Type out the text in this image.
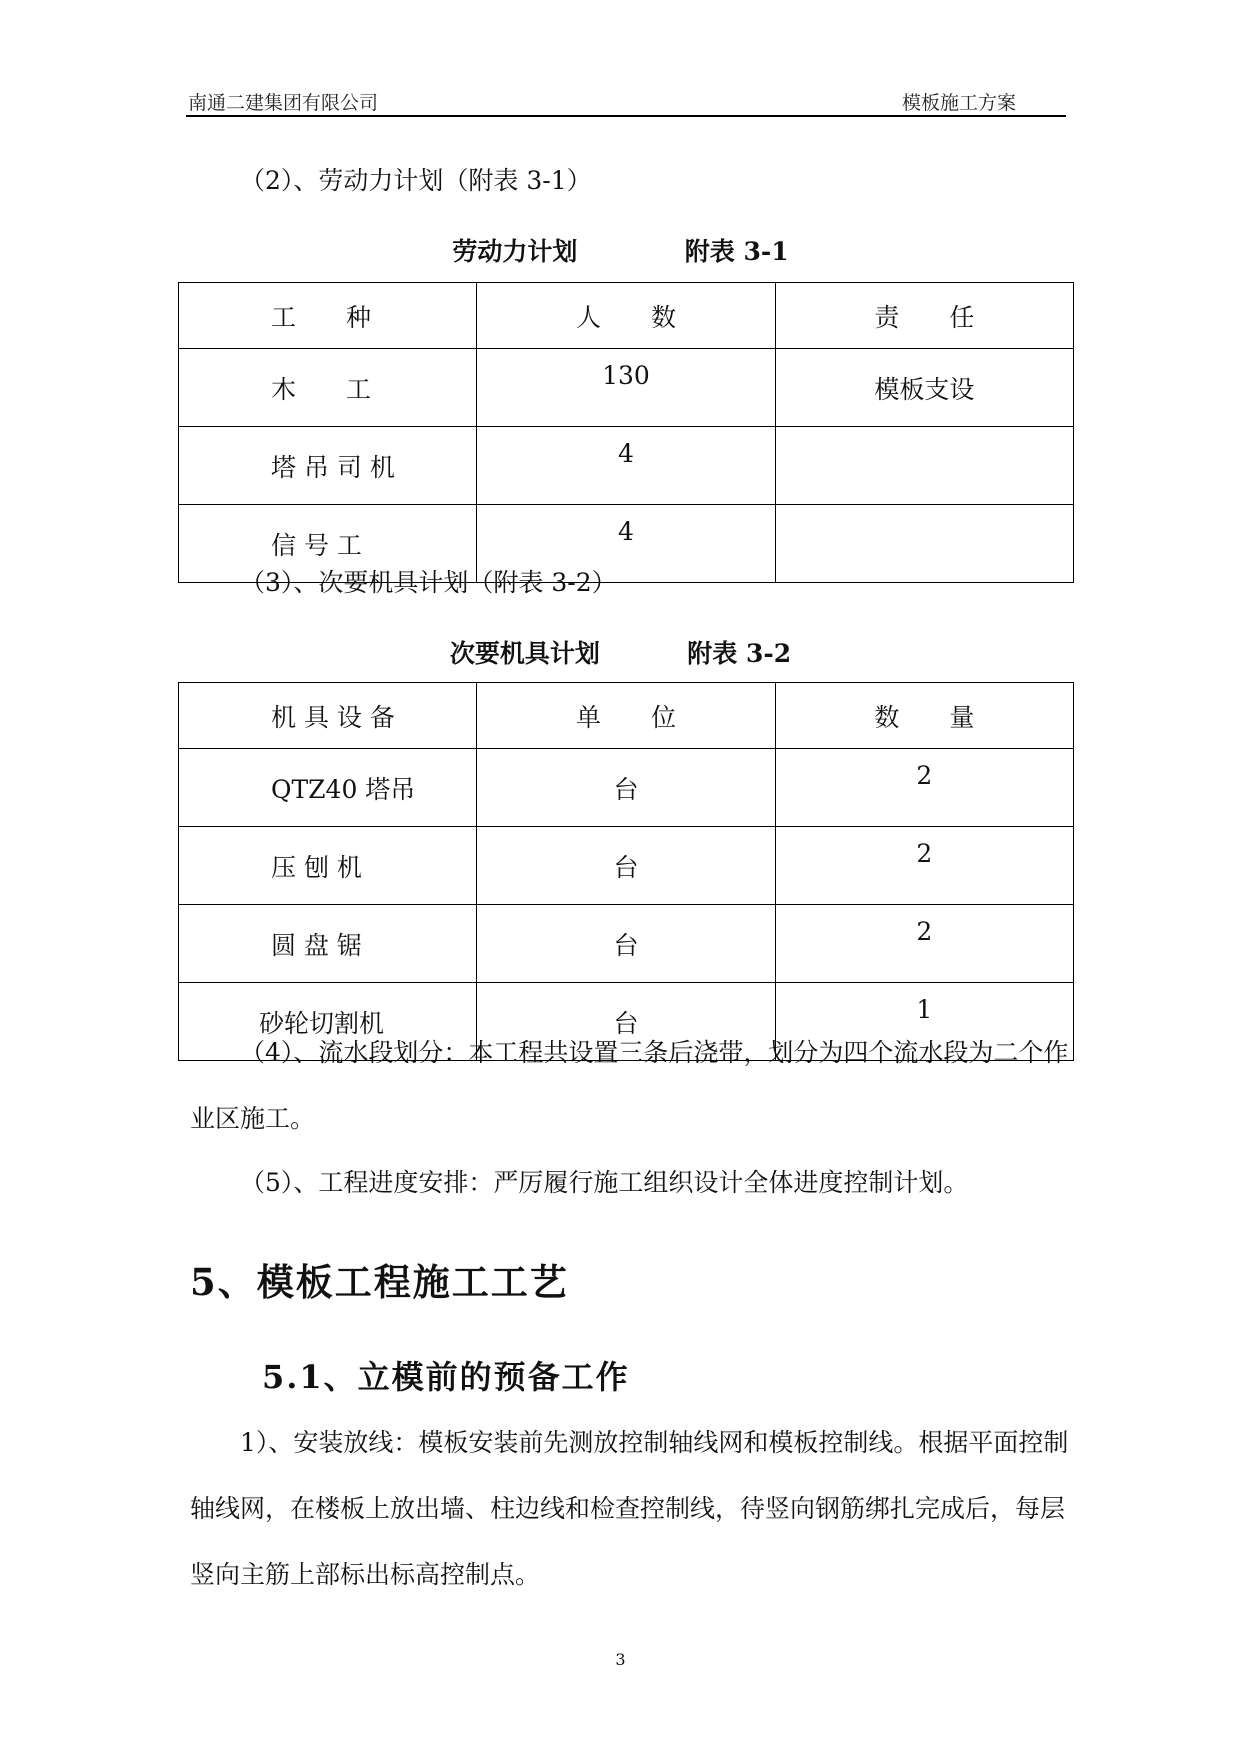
南通二建集团有限公司	模板施工方案
（2）、劳动力计划（附表 3-1）
劳动力计划	附表 3-1
工　　种	人　　数	责　　任
木　　工	130	模板支设
塔 吊 司 机	4	
信 号 工	4	
（3）、次要机具计划（附表 3-2）
次要机具计划	附表 3-2
机 具 设 备	单　　位	数　　量
QTZ40 塔吊	台	2
压 刨 机	台	2
圆 盘 锯	台	2
砂轮切割机	台	1
（4）、流水段划分：本工程共设置三条后浇带，划分为四个流水段为二个作业区施工。
（5）、工程进度安排：严厉履行施工组织设计全体进度控制计划。
5、模板工程施工工艺
5.1、立模前的预备工作
1）、安装放线：模板安装前先测放控制轴线网和模板控制线。根据平面控制轴线网，在楼板上放出墙、柱边线和检查控制线，待竖向钢筋绑扎完成后，每层竖向主筋上部标出标高控制点。
3
